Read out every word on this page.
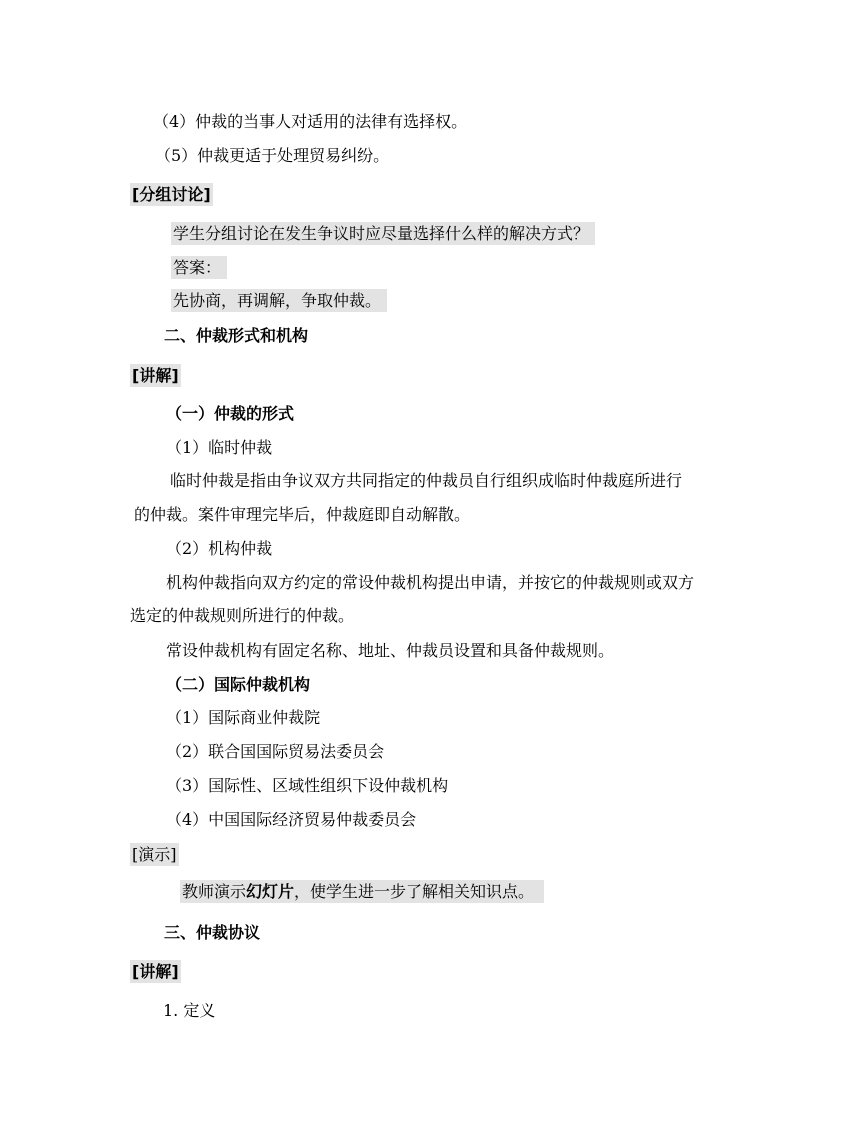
（4）仲裁的当事人对适用的法律有选择权。
（5）仲裁更适于处理贸易纠纷。
[分组讨论]
学生分组讨论在发生争议时应尽量选择什么样的解决方式？
答案：
先协商，再调解，争取仲裁。
二、仲裁形式和机构
[讲解]
（一）仲裁的形式
（1）临时仲裁
临时仲裁是指由争议双方共同指定的仲裁员自行组织成临时仲裁庭所进行
的仲裁。案件审理完毕后，仲裁庭即自动解散。
（2）机构仲裁
机构仲裁指向双方约定的常设仲裁机构提出申请，并按它的仲裁规则或双方
选定的仲裁规则所进行的仲裁。
常设仲裁机构有固定名称、地址、仲裁员设置和具备仲裁规则。
（二）国际仲裁机构
（1）国际商业仲裁院
（2）联合国国际贸易法委员会
（3）国际性、区域性组织下设仲裁机构
（4）中国国际经济贸易仲裁委员会
[演示]
教师演示幻灯片，使学生进一步了解相关知识点。
三、仲裁协议
[讲解]
1. 定义
